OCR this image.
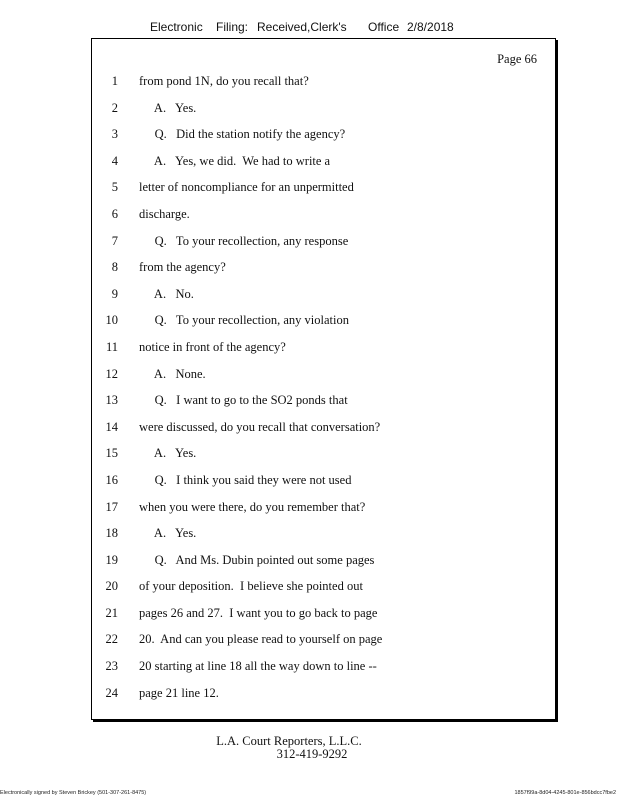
Electronic Filing: Received,Clerk's Office 2/8/2018
Page 66
1 from pond 1N, do you recall that?
2 A.   Yes.
3 Q.   Did the station notify the agency?
4 A.   Yes, we did.  We had to write a
5 letter of noncompliance for an unpermitted
6 discharge.
7 Q.   To your recollection, any response
8 from the agency?
9 A.   No.
10 Q.   To your recollection, any violation
11 notice in front of the agency?
12 A.   None.
13 Q.   I want to go to the SO2 ponds that
14 were discussed, do you recall that conversation?
15 A.   Yes.
16 Q.   I think you said they were not used
17 when you were there, do you remember that?
18 A.   Yes.
19 Q.   And Ms. Dubin pointed out some pages
20 of your deposition.  I believe she pointed out
21 pages 26 and 27.  I want you to go back to page
22 20.  And can you please read to yourself on page
23 20 starting at line 18 all the way down to line --
24 page 21 line 12.
L.A. Court Reporters, L.L.C.
312-419-9292
Electronically signed by Steven Brickey (501-307-261-8475)	1857f99a-8d04-4245-801e-856bdcc7fbe2
